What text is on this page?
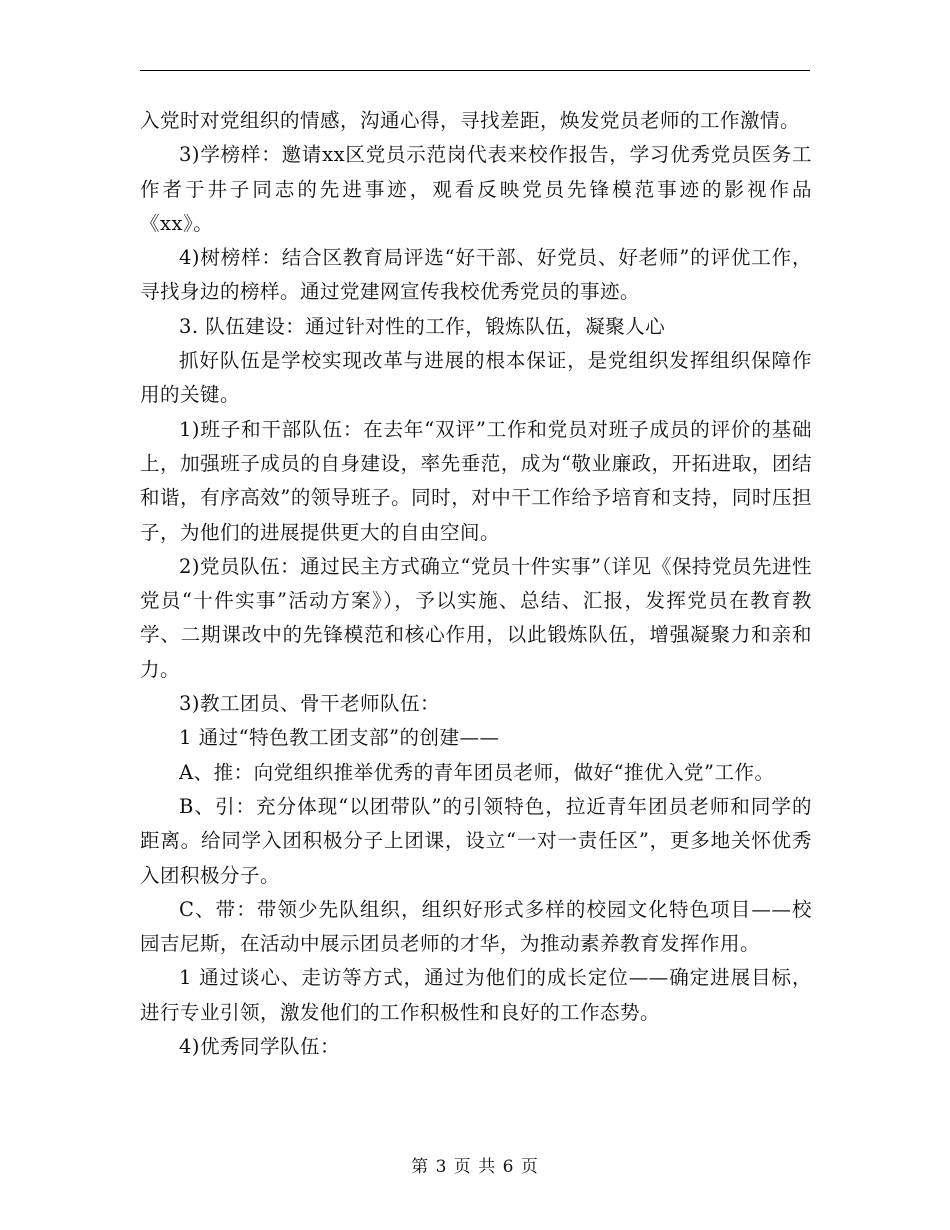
入党时对党组织的情感，沟通心得，寻找差距，焕发党员老师的工作激情。

3)学榜样：邀请xx区党员示范岗代表来校作报告，学习优秀党员医务工作者于井子同志的先进事迹，观看反映党员先锋模范事迹的影视作品《xx》。

4)树榜样：结合区教育局评选“好干部、好党员、好老师”的评优工作，寻找身边的榜样。通过党建网宣传我校优秀党员的事迹。

3. 队伍建设：通过针对性的工作，锻炼队伍，凝聚人心

抓好队伍是学校实现改革与进展的根本保证，是党组织发挥组织保障作用的关键。

1)班子和干部队伍：在去年“双评”工作和党员对班子成员的评价的基础上，加强班子成员的自身建设，率先垂范，成为“敬业廉政，开拓进取，团结和谐，有序高效”的领导班子。同时，对中干工作给予培育和支持，同时压担子，为他们的进展提供更大的自由空间。

2)党员队伍：通过民主方式确立“党员十件实事”（详见《保持党员先进性 党员“十件实事”活动方案》），予以实施、总结、汇报，发挥党员在教育教学、二期课改中的先锋模范和核心作用，以此锻炼队伍，增强凝聚力和亲和力。

3)教工团员、骨干老师队伍：

1 通过“特色教工团支部”的创建——

A、推：向党组织推举优秀的青年团员老师，做好“推优入党”工作。

B、引：充分体现“以团带队”的引领特色，拉近青年团员老师和同学的距离。给同学入团积极分子上团课，设立“一对一责任区”，更多地关怀优秀入团积极分子。

C、带：带领少先队组织，组织好形式多样的校园文化特色项目——校园吉尼斯，在活动中展示团员老师的才华，为推动素养教育发挥作用。

1 通过谈心、走访等方式，通过为他们的成长定位——确定进展目标，进行专业引领，激发他们的工作积极性和良好的工作态势。

4)优秀同学队伍：

第 3 页 共 6 页
